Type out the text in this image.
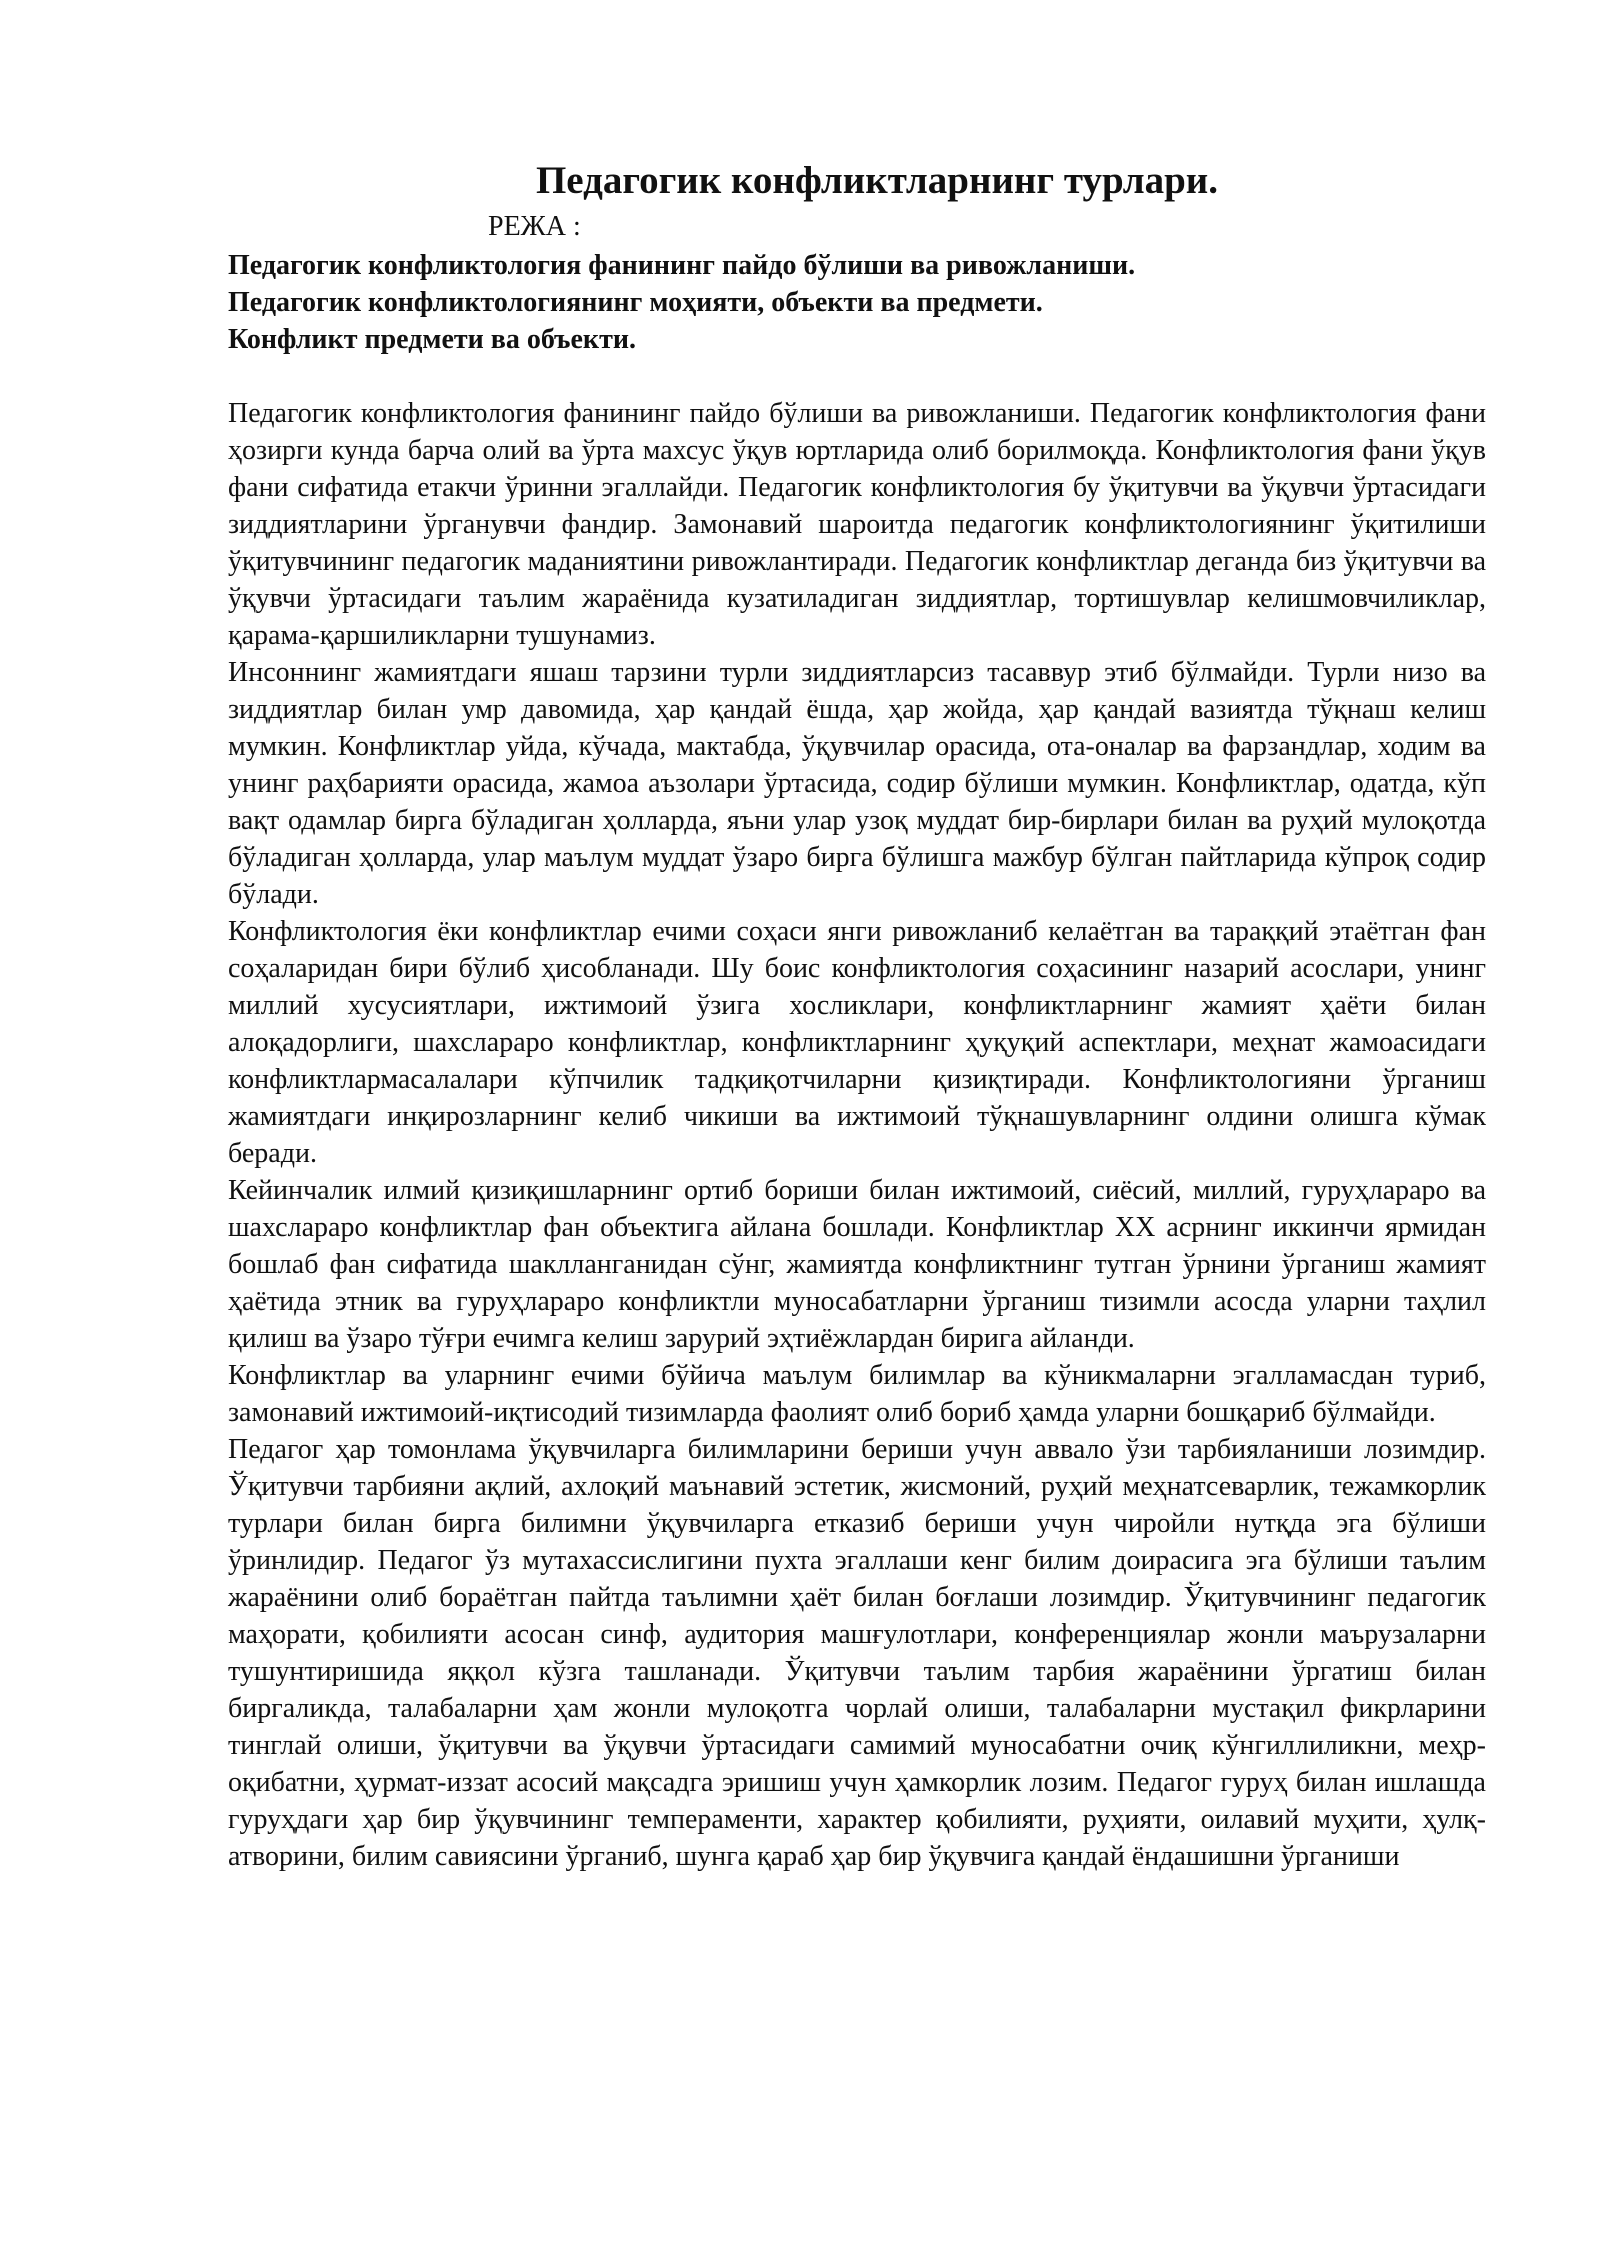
Педагогик конфликтларнинг турлари.
РЕЖА :
Педагогик конфликтология фанининг пайдо бўлиши ва ривожланиши.
Педагогик конфликтологиянинг моҳияти, объекти ва предмети.
Конфликт предмети ва объекти.

Педагогик конфликтология фанининг пайдо бўлиши ва ривожланиши. Педагогик конфликтология фани ҳозирги кунда барча олий ва ўрта махсус ўқув юртларида олиб борилмоқда. Конфликтология фани ўқув фани сифатида етакчи ўринни эгаллайди. Педагогик конфликтология бу ўқитувчи ва ўқувчи ўртасидаги зиддиятларини ўрганувчи фандир. Замонавий шароитда педагогик конфликтологиянинг ўқитилиши ўқитувчининг педагогик маданиятини ривожлантиради. Педагогик конфликтлар деганда биз ўқитувчи ва ўқувчи ўртасидаги таълим жараёнида кузатиладиган зиддиятлар, тортишувлар келишмовчиликлар, қарама-қаршиликларни тушунамиз.

Инсоннинг жамиятдаги яшаш тарзини турли зиддиятларсиз тасаввур этиб бўлмайди. Турли низо ва зиддиятлар билан умр давомида, ҳар қандай ёшда, ҳар жойда, ҳар қандай вазиятда тўқнаш келиш мумкин. Конфликтлар уйда, кўчада, мактабда, ўқувчилар орасида, ота-оналар ва фарзандлар, ходим ва унинг раҳбарияти орасида, жамоа аъзолари ўртасида, содир бўлиши мумкин. Конфликтлар, одатда, кўп вақт одамлар бирга бўладиган ҳолларда, яъни улар узоқ муддат бир-бирлари билан ва руҳий мулоқотда бўладиган ҳолларда, улар маълум муддат ўзаро бирга бўлишга мажбур бўлган пайтларида кўпроқ содир бўлади.

Конфликтология ёки конфликтлар ечими соҳаси янги ривожланиб келаётган ва тараққий этаётган фан соҳаларидан бири бўлиб ҳисобланади. Шу боис конфликтология соҳасининг назарий асослари, унинг миллий хусусиятлари, ижтимоий ўзига хосликлари, конфликтларнинг жамият ҳаёти билан алоқадорлиги, шахслараро конфликтлар, конфликтларнинг ҳуқуқий аспектлари, меҳнат жамоасидаги конфликтлармасалалари кўпчилик тадқиқотчиларни қизиқтиради. Конфликтологияни ўрганиш жамиятдаги инқирозларнинг келиб чикиши ва ижтимоий тўқнашувларнинг олдини олишга кўмак беради.

Кейинчалик илмий қизиқишларнинг ортиб бориши билан ижтимоий, сиёсий, миллий, гуруҳлараро ва шахслараро конфликтлар фан объектига айлана бошлади. Конфликтлар XX асрнинг иккинчи ярмидан бошлаб фан сифатида шаклланганидан сўнг, жамиятда конфликтнинг тутган ўрнини ўрганиш жамият ҳаётида этник ва гуруҳлараро конфликтли муносабатларни ўрганиш тизимли асосда уларни таҳлил қилиш ва ўзаро тўғри ечимга келиш зарурий эҳтиёжлардан бирига айланди.

Конфликтлар ва уларнинг ечими бўйича маълум билимлар ва кўникмаларни эгалламасдан туриб, замонавий ижтимоий-иқтисодий тизимларда фаолият олиб бориб ҳамда уларни бошқариб бўлмайди.

Педагог ҳар томонлама ўқувчиларга билимларини бериши учун аввало ўзи тарбияланиши лозимдир. Ўқитувчи тарбияни ақлий, ахлоқий маънавий эстетик, жисмоний, руҳий меҳнатсеварлик, тежамкорлик турлари билан бирга билимни ўқувчиларга етказиб бериши учун чиройли нутқда эга бўлиши ўринлидир. Педагог ўз мутахассислигини пухта эгаллаши кенг билим доирасига эга бўлиши таълим жараёнини олиб бораётган пайтда таълимни ҳаёт билан боғлаши лозимдир. Ўқитувчининг педагогик маҳорати, қобилияти асосан синф, аудитория машғулотлари, конференциялар жонли маърузаларни тушунтиришида яққол кўзга ташланади. Ўқитувчи таълим тарбия жараёнини ўргатиш билан биргаликда, талабаларни ҳам жонли мулоқотга чорлай олиши, талабаларни мустақил фикрларини тинглай олиши, ўқитувчи ва ўқувчи ўртасидаги самимий муносабатни очиқ кўнгиллиликни, меҳр-оқибатни, ҳурмат-иззат асосий мақсадга эришиш учун ҳамкорлик лозим. Педагог гуруҳ билан ишлашда гуруҳдаги ҳар бир ўқувчининг темпераменти, характер қобилияти, руҳияти, оилавий муҳити, ҳулқ-атворини, билим савиясини ўрганиб, шунга қараб ҳар бир ўқувчига қандай ёндашишни ўрганиши
